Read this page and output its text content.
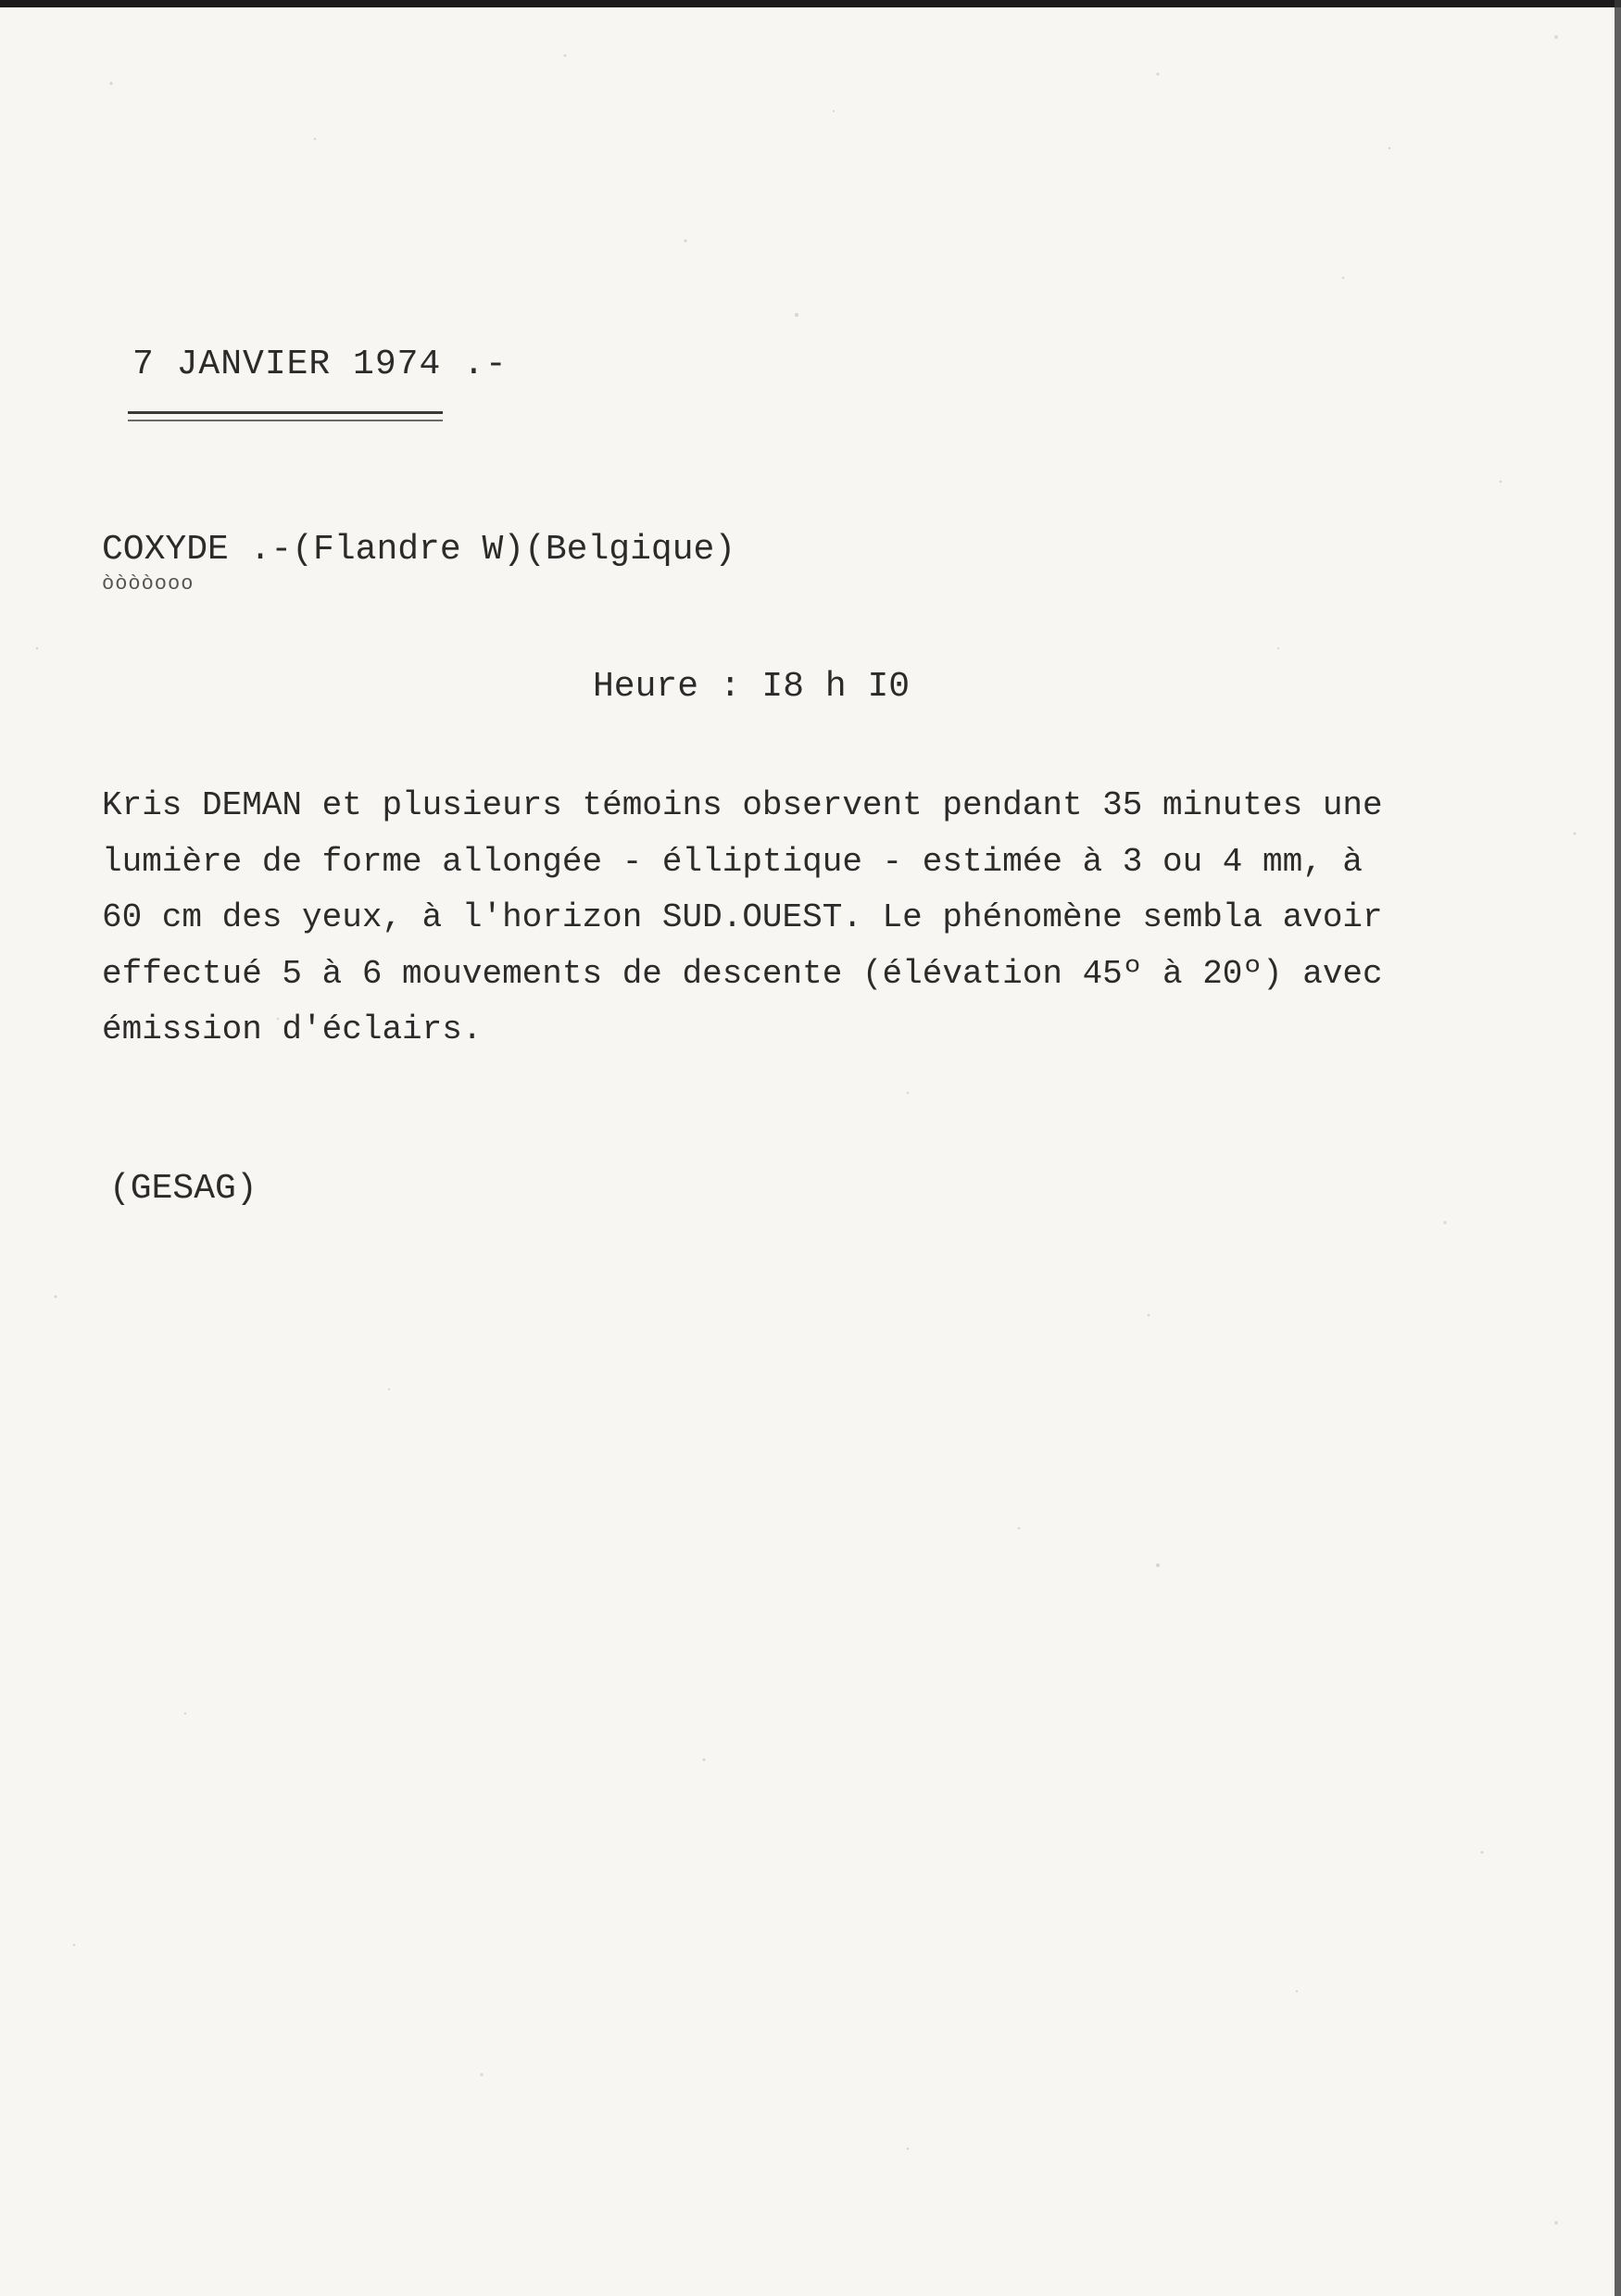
7 JANVIER 1974 .-
COXYDE .-(Flandre W)(Belgique)
òòòòooo
Heure : I8 h I0
Kris DEMAN et plusieurs témoins observent pendant 35 minutes une
lumière de forme allongée - élliptique - estimée à 3 ou 4 mm, à
60 cm des yeux, à l'horizon SUD.OUEST. Le phénomène sembla avoir
effectué 5 à 6 mouvements de descente (élévation 45º à 20º) avec
émission d'éclairs.
(GESAG)
